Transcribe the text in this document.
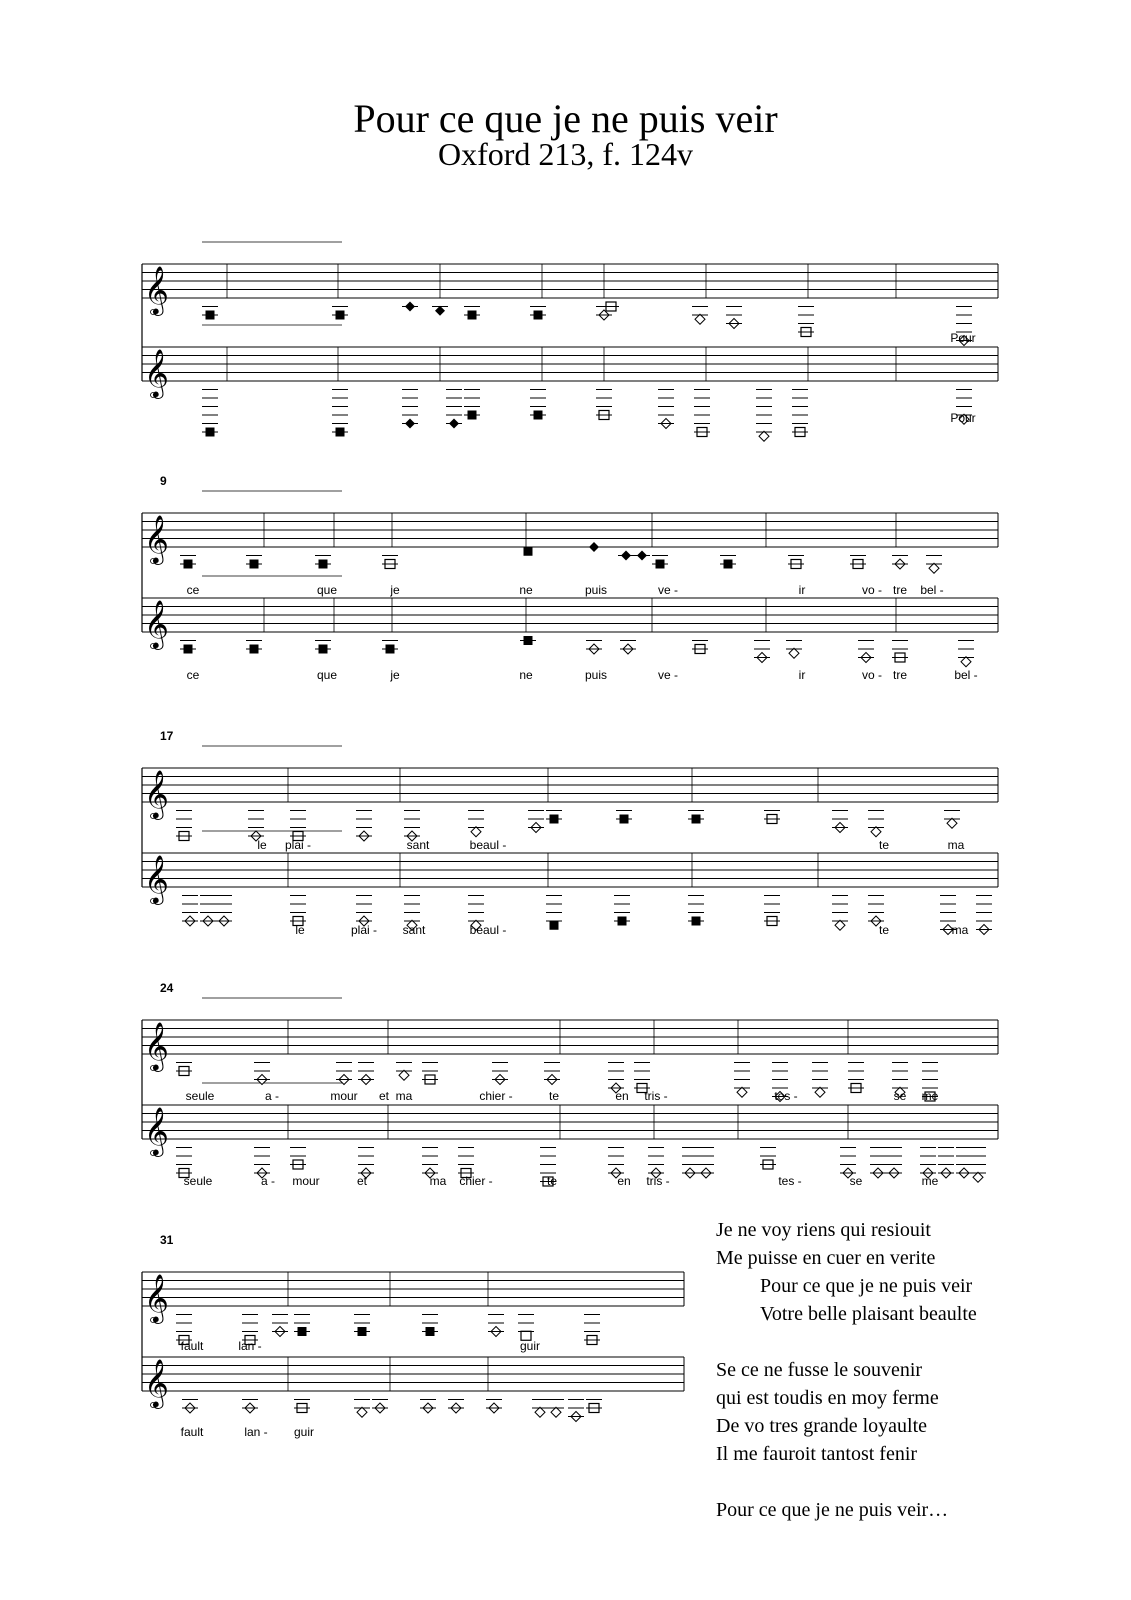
Pour ce que je ne puis veir
Oxford 213, f. 124v
Pour
Pour
𝄞
𝄞
9
ce	que	je	ne	puis	ve -	ir	vo - tre bel -
ce	que	je	ne	puis	ve -	ir	vo - tre	bel -
𝄞
𝄞
17
le plai -	sant	beaul -	te	ma
le	plai - sant	beaul -	te	ma
𝄞
𝄞
24
seule	a -	mour et ma	chier -	te	en tris -	tes -	se me
seule	a - mour	et	ma chier -	te	en tris -	tes -	se	me
𝄞
𝄞
31
fault	lan -	guir
fault	lan - guir
𝄞
𝄞
Je ne voy riens qui resiouit
Me puisse en cuer en verite
Pour ce que je ne puis veir
Votre belle plaisant beaulte
Se ce ne fusse le souvenir
qui est toudis en moy ferme
De vo tres grande loyaulte
Il me fauroit tantost fenir
Pour ce que je ne puis veir…
